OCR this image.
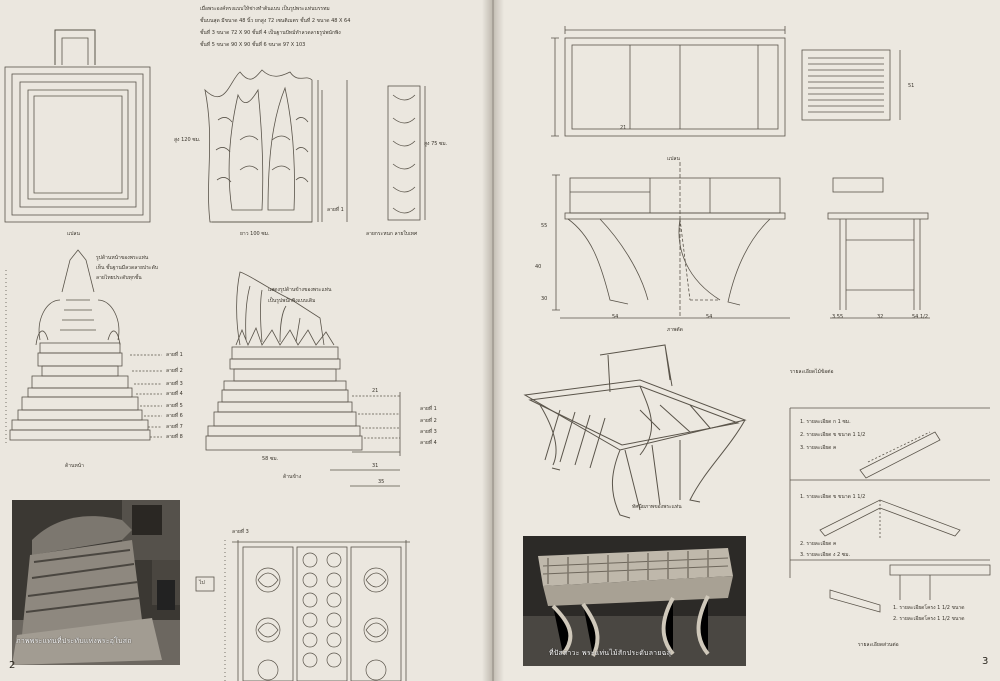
เมื่อพระองค์ทรงแบบให้ช่างทำต้นแบบ เป็นรูปพระแท่นบรรทม
ชั้นบนสุด มีขนาด 48 นิ้ว ยกสูง 72 เซนติเมตร ชั้นที่ 2 ขนาด 48 X 64
ชั้นที่ 3 ขนาด 72 X 90 ชั้นที่ 4 เป็นฐานปัทม์ทำลวดลายรูปพนักพิง
ชั้นที่ 5 ขนาด 90 X 90 ชั้นที่ 6 ขนาด 97 X 103
แปลน
สูง 120 ซม.
ยาว 100 ซม.
ลายที่ 1
ลายกระหนก ลายใบเทศ
สูง 75 ซม.
รูปด้านหน้าของพระแท่น
เห็น ชั้นฐานมีลวดลายประดับ
ลายไทยประดับทุกชั้น
แสดงรูปด้านข้างของพระแท่น
เป็นรูปพนักพิงแบบเดิม
ลายที่ 1
ลายที่ 2
ลายที่ 3
ลายที่ 4
ลายที่ 5
ลายที่ 6
ลายที่ 7
ลายที่ 8
ลายที่ 1
ลายที่ 2
ลายที่ 3
ลายที่ 4
ด้านหน้า
ด้านข้าง
21
58 ซม.
31
35
ไป
ลายที่ 3
ภาพพระแท่นที่ประทับแห่งพระอุโบสถ
2
แปลน
ภาพตัด
21
51
55
40
30
54	54	3.55	32	54 1/2
ทัศนียภาพของพระแท่น
รายละเอียดไม้ข้อต่อ
1. รายละเอียด ก 1 ซม.
2. รายละเอียด ข ขนาด 1 1/2
3. รายละเอียด ค
1. รายละเอียด ข ขนาด 1 1/2
2. รายละเอียด ค
3. รายละเอียด ง 2 ซม.
1. รายละเอียดโครง 1 1/2 ขนาด
2. รายละเอียดโครง 1 1/2 ขนาด
รายละเอียดส่วนต่อ
ที่ปัสสาวะ พระแท่นไม้สักประดับลายฉลุ
3
